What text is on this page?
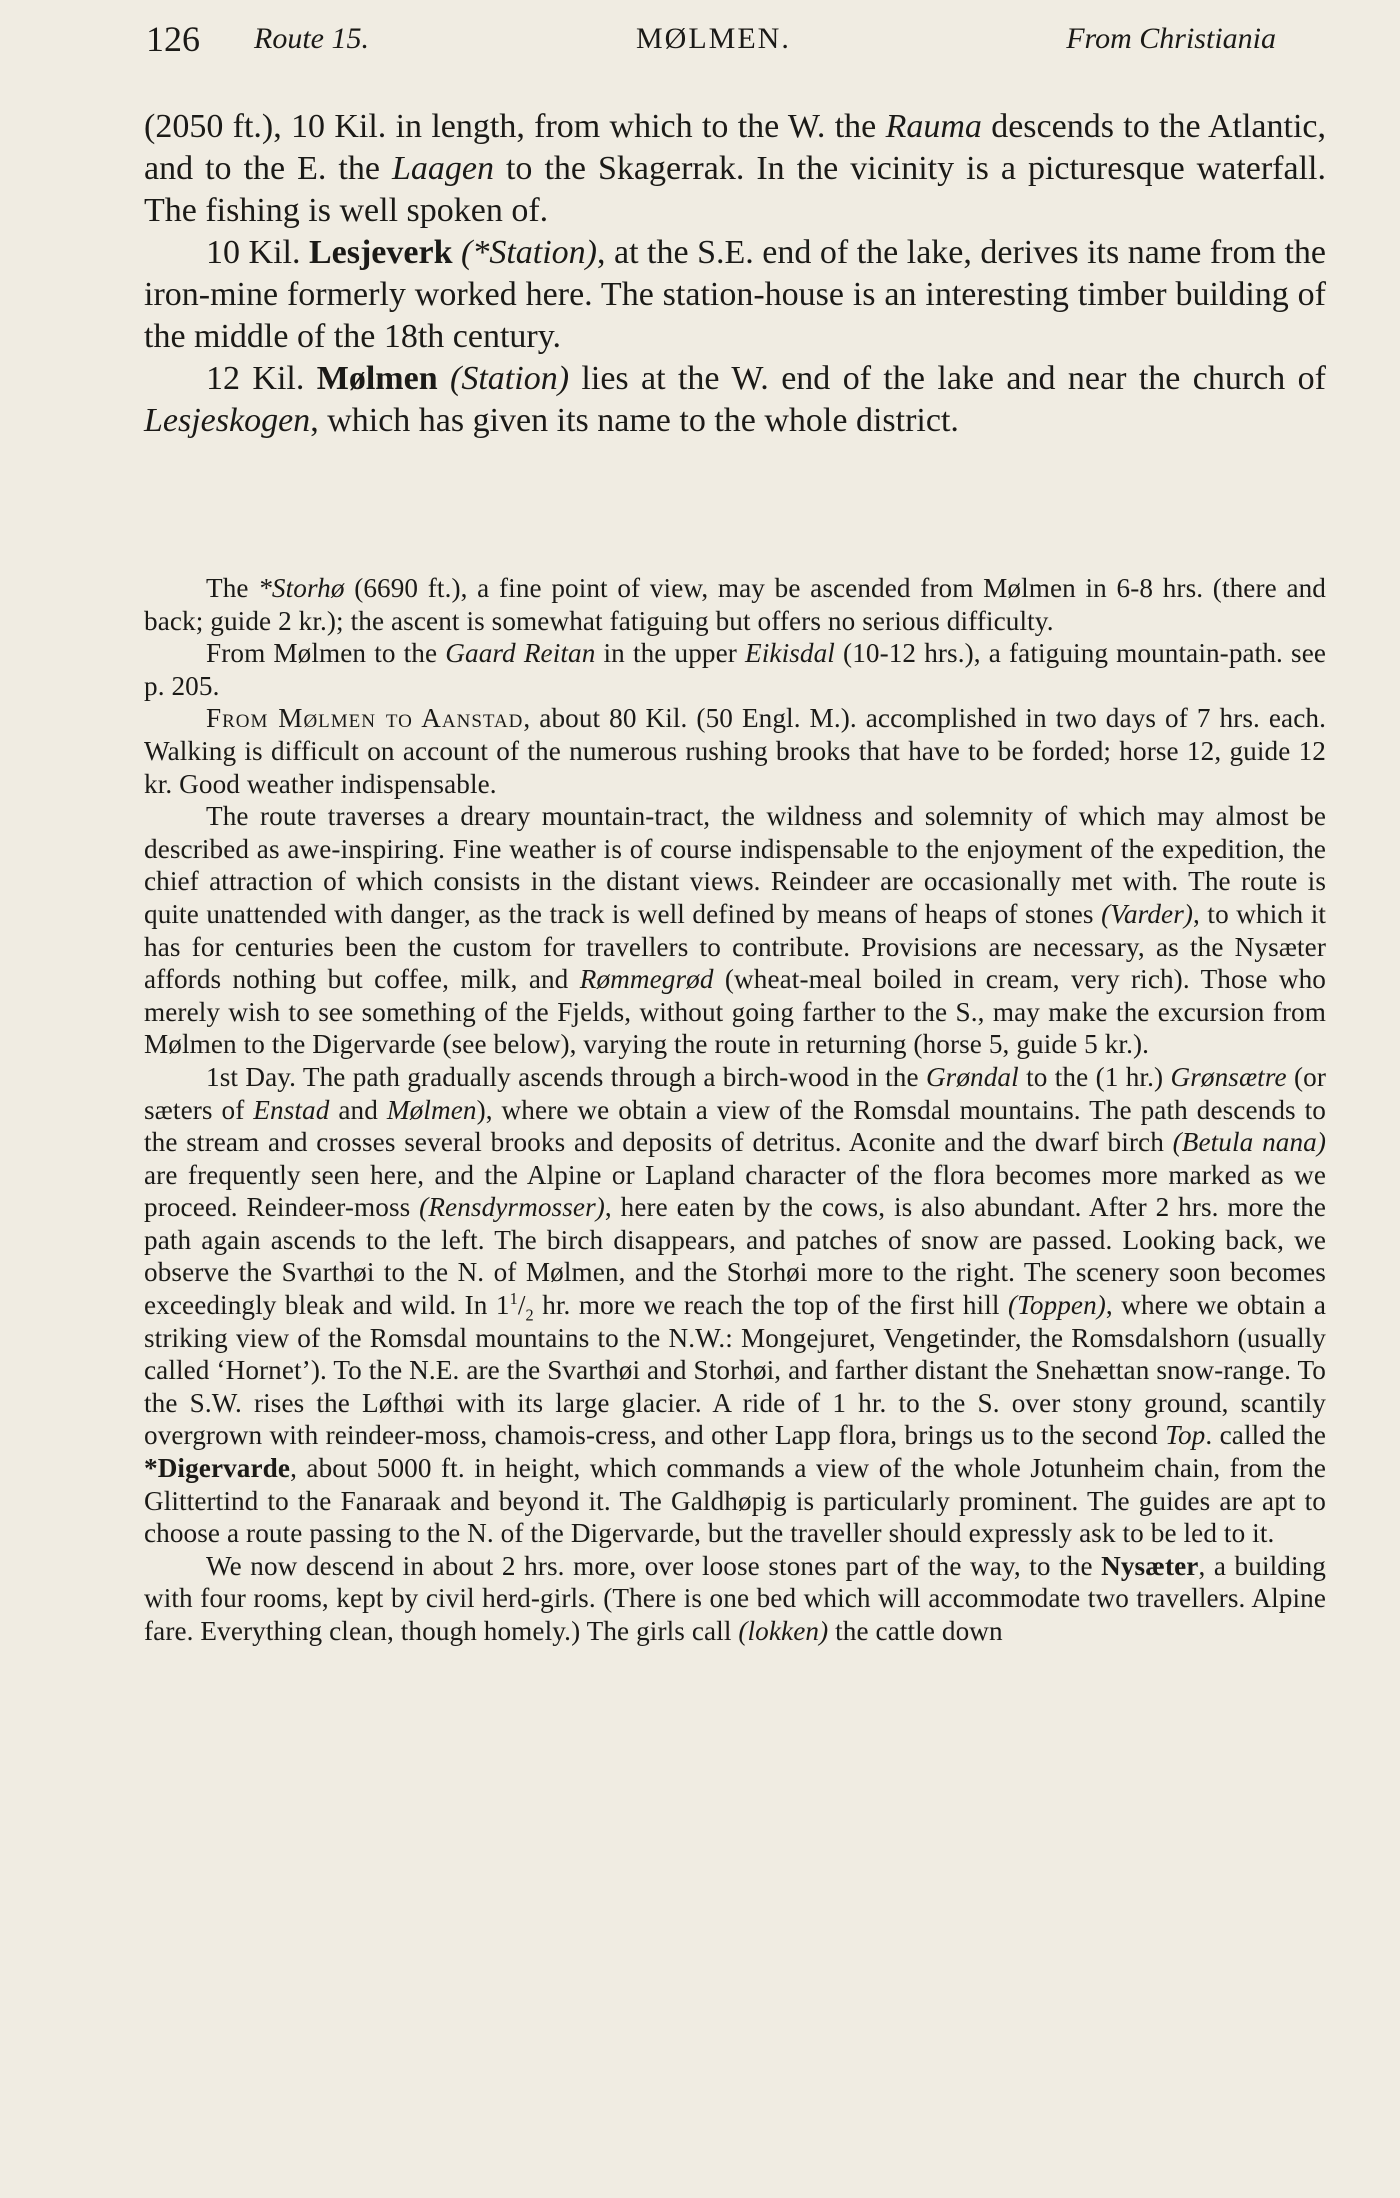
126 Route 15.	MØLMEN.	From Christiania

(2050 ft.), 10 Kil. in length, from which to the W. the Rauma descends to the Atlantic, and to the E. the Laagen to the Skagerrak. In the vicinity is a picturesque waterfall. The fishing is well spoken of.

10 Kil. Lesjeverk (*Station), at the S.E. end of the lake, derives its name from the iron-mine formerly worked here. The station-house is an interesting timber building of the middle of the 18th century.

12 Kil. Mølmen (Station) lies at the W. end of the lake and near the church of Lesjeskogen, which has given its name to the whole district.

The *Storhø (6690 ft.), a fine point of view, may be ascended from Mølmen in 6-8 hrs. (there and back; guide 2 kr.); the ascent is somewhat fatiguing but offers no serious difficulty.

From Mølmen to the Gaard Reitan in the upper Eikisdal (10-12 hrs.), a fatiguing mountain-path. see p. 205.

From Mølmen to Aanstad, about 80 Kil. (50 Engl. M.). accomplished in two days of 7 hrs. each. Walking is difficult on account of the numerous rushing brooks that have to be forded; horse 12, guide 12 kr. Good weather indispensable.

The route traverses a dreary mountain-tract, the wildness and solemnity of which may almost be described as awe-inspiring. Fine weather is of course indispensable to the enjoyment of the expedition, the chief attraction of which consists in the distant views. Reindeer are occasionally met with. The route is quite unattended with danger, as the track is well defined by means of heaps of stones (Varder), to which it has for centuries been the custom for travellers to contribute. Provisions are necessary, as the Nysæter affords nothing but coffee, milk, and Rømmegrød (wheat-meal boiled in cream, very rich). Those who merely wish to see something of the Fjelds, without going farther to the S., may make the excursion from Mølmen to the Digervarde (see below), varying the route in returning (horse 5, guide 5 kr.).

1st Day. The path gradually ascends through a birch-wood in the Grøndal to the (1 hr.) Grønsætre (or sæters of Enstad and Mølmen), where we obtain a view of the Romsdal mountains. The path descends to the stream and crosses several brooks and deposits of detritus. Aconite and the dwarf birch (Betula nana) are frequently seen here, and the Alpine or Lapland character of the flora becomes more marked as we proceed. Reindeer-moss (Rensdyrmosser), here eaten by the cows, is also abundant. After 2 hrs. more the path again ascends to the left. The birch disappears, and patches of snow are passed. Looking back, we observe the Svarthøi to the N. of Mølmen, and the Storhøi more to the right. The scenery soon becomes exceedingly bleak and wild. In $1^1/_2$ hr. more we reach the top of the first hill (Toppen), where we obtain a striking view of the Romsdal mountains to the N.W.: Mongejuret, Vengetinder, the Romsdalshorn (usually called ‘Hornet’). To the N.E. are the Svarthøi and Storhøi, and farther distant the Snehættan snow-range. To the S.W. rises the Løfthøi with its large glacier. A ride of 1 hr. to the S. over stony ground, scantily overgrown with reindeer-moss, chamois-cress, and other Lapp flora, brings us to the second Top. called the *Digervarde, about 5000 ft. in height, which commands a view of the whole Jotunheim chain, from the Glittertind to the Fanaraak and beyond it. The Galdhøpig is particularly prominent. The guides are apt to choose a route passing to the N. of the Digervarde, but the traveller should expressly ask to be led to it.

We now descend in about 2 hrs. more, over loose stones part of the way, to the Nysæter, a building with four rooms, kept by civil herd-girls. (There is one bed which will accommodate two travellers. Alpine fare. Everything clean, though homely.) The girls call (lokken) the cattle down
